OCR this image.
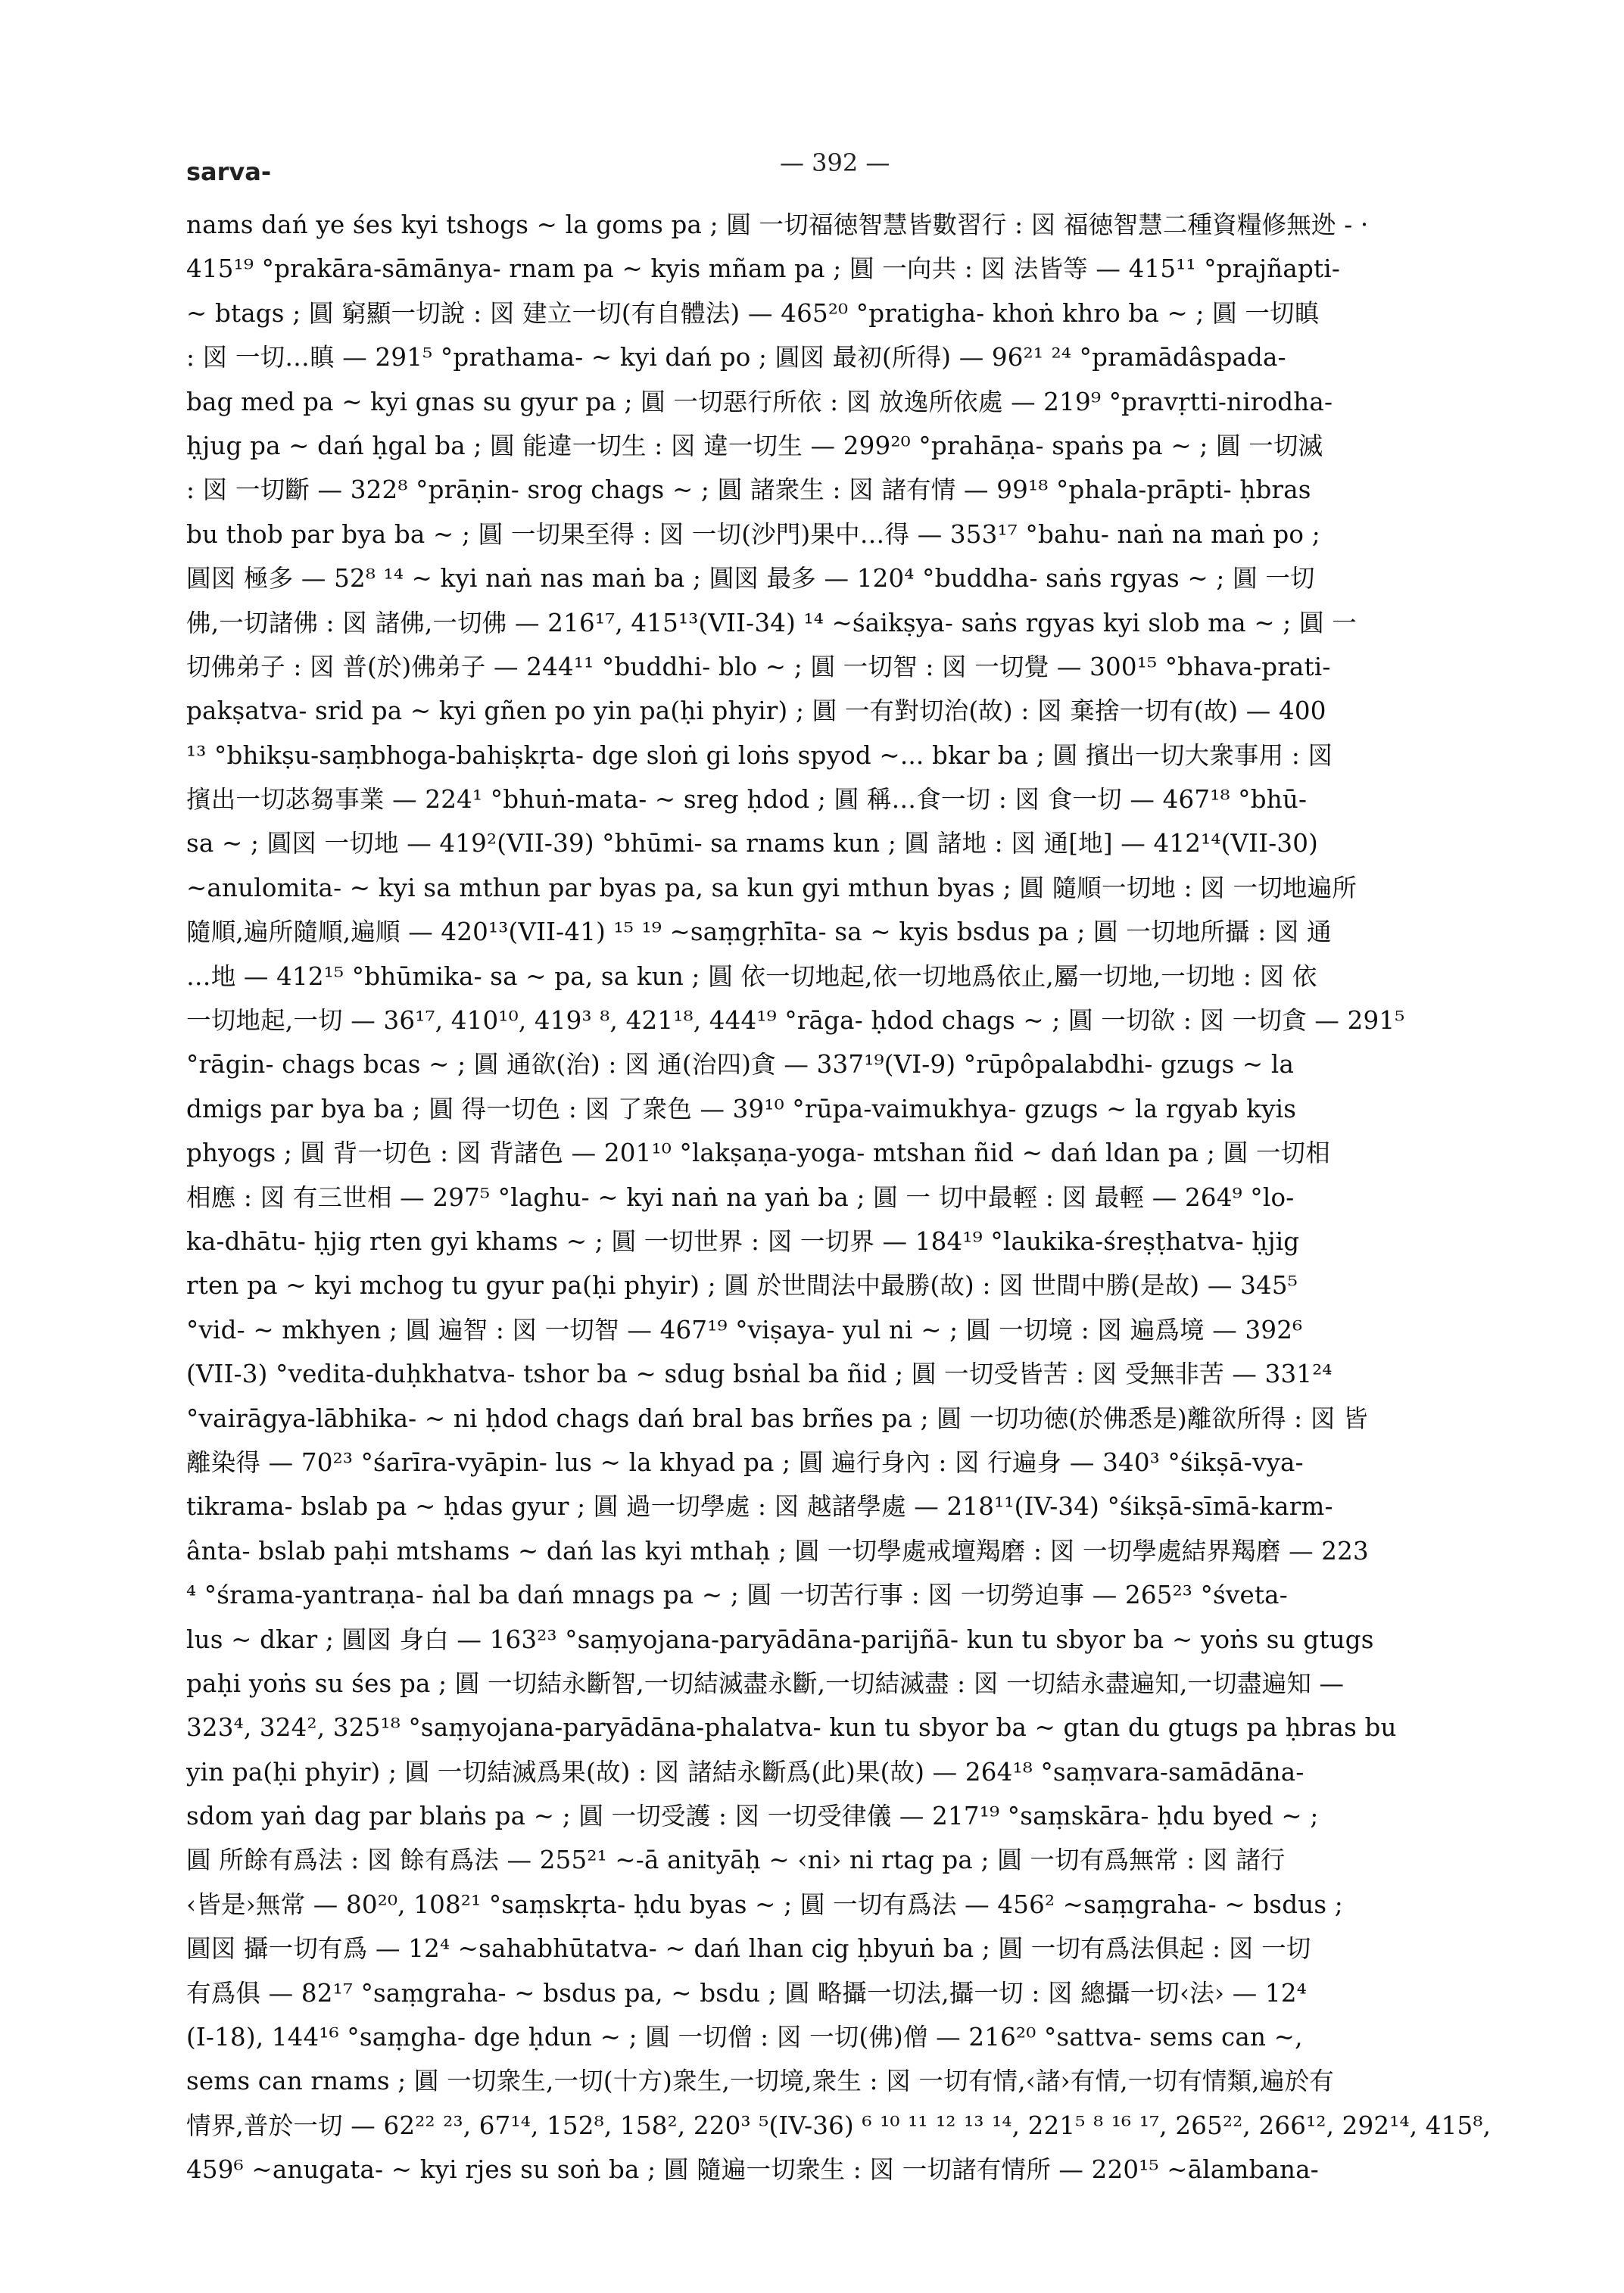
sarva-	— 392 —
nams dań ye śes kyi tshogs ~ la goms pa ; 圓 一切福徳智慧皆數習行 : 図 福徳智慧二種資糧修無迯 - ·
415¹⁹ °prakāra-sāmānya- rnam pa ~ kyis mñam pa ; 圓 一向共 : 図 法皆等 — 415¹¹ °prajñapti-
~ btags ; 圓 窮顯一切說 : 図 建立一切(有自體法) — 465²⁰ °pratigha- khoṅ khro ba ~ ; 圓 一切瞋
: 図 一切…瞋 — 291⁵ °prathama- ~ kyi dań po ; 圓図 最初(所得) — 96²¹ ²⁴ °pramādâspada-
bag med pa ~ kyi gnas su gyur pa ; 圓 一切惡行所依 : 図 放逸所依處 — 219⁹ °pravṛtti-nirodha-
ḥjug pa ~ dań ḥgal ba ; 圓 能違一切生 : 図 違一切生 — 299²⁰ °prahāṇa- spaṅs pa ~ ; 圓 一切滅
: 図 一切斷 — 322⁸ °prāṇin- srog chags ~ ; 圓 諸衆生 : 図 諸有情 — 99¹⁸ °phala-prāpti- ḥbras
bu thob par bya ba ~ ; 圓 一切果至得 : 図 一切(沙門)果中…得 — 353¹⁷ °bahu- naṅ na maṅ po ;
圓図 極多 — 52⁸ ¹⁴ ~ kyi naṅ nas maṅ ba ; 圓図 最多 — 120⁴ °buddha- saṅs rgyas ~ ; 圓 一切
佛,一切諸佛 : 図 諸佛,一切佛 — 216¹⁷, 415¹³(VII-34) ¹⁴ ~śaikṣya- saṅs rgyas kyi slob ma ~ ; 圓 一
切佛弟子 : 図 普(於)佛弟子 — 244¹¹ °buddhi- blo ~ ; 圓 一切智 : 図 一切覺 — 300¹⁵ °bhava-prati-
pakṣatva- srid pa ~ kyi gñen po yin pa(ḥi phyir) ; 圓 一有對切治(故) : 図 棄捨一切有(故) — 400
¹³ °bhikṣu-saṃbhoga-bahiṣkṛta- dge sloṅ gi loṅs spyod ~... bkar ba ; 圓 擯出一切大衆事用 : 図
擯出一切苾芻事業 — 224¹ °bhuṅ-mata- ~ sreg ḥdod ; 圓 稱…食一切 : 図 食一切 — 467¹⁸ °bhū-
sa ~ ; 圓図 一切地 — 419²(VII-39) °bhūmi- sa rnams kun ; 圓 諸地 : 図 通[地] — 412¹⁴(VII-30)
~anulomita- ~ kyi sa mthun par byas pa, sa kun gyi mthun byas ; 圓 隨順一切地 : 図 一切地遍所
隨順,遍所隨順,遍順 — 420¹³(VII-41) ¹⁵ ¹⁹ ~saṃgṛhīta- sa ~ kyis bsdus pa ; 圓 一切地所攝 : 図 通
…地 — 412¹⁵ °bhūmika- sa ~ pa, sa kun ; 圓 依一切地起,依一切地爲依止,屬一切地,一切地 : 図 依
一切地起,一切 — 36¹⁷, 410¹⁰, 419³ ⁸, 421¹⁸, 444¹⁹ °rāga- ḥdod chags ~ ; 圓 一切欲 : 図 一切貪 — 291⁵
°rāgin- chags bcas ~ ; 圓 通欲(治) : 図 通(治四)貪 — 337¹⁹(VI-9) °rūpôpalabdhi- gzugs ~ la
dmigs par bya ba ; 圓 得一切色 : 図 了衆色 — 39¹⁰ °rūpa-vaimukhya- gzugs ~ la rgyab kyis
phyogs ; 圓 背一切色 : 図 背諸色 — 201¹⁰ °lakṣaṇa-yoga- mtshan ñid ~ dań ldan pa ; 圓 一切相
相應 : 図 有三世相 — 297⁵ °laghu- ~ kyi naṅ na yaṅ ba ; 圓 一 切中最輕 : 図 最輕 — 264⁹ °lo-
ka-dhātu- ḥjig rten gyi khams ~ ; 圓 一切世界 : 図 一切界 — 184¹⁹ °laukika-śreṣṭhatva- ḥjig
rten pa ~ kyi mchog tu gyur pa(ḥi phyir) ; 圓 於世間法中最勝(故) : 図 世間中勝(是故) — 345⁵
°vid- ~ mkhyen ; 圓 遍智 : 図 一切智 — 467¹⁹ °viṣaya- yul ni ~ ; 圓 一切境 : 図 遍爲境 — 392⁶
(VII-3) °vedita-duḥkhatva- tshor ba ~ sdug bsṅal ba ñid ; 圓 一切受皆苦 : 図 受無非苦 — 331²⁴
°vairāgya-lābhika- ~ ni ḥdod chags dań bral bas brñes pa ; 圓 一切功徳(於佛悉是)離欲所得 : 図 皆
離染得 — 70²³ °śarīra-vyāpin- lus ~ la khyad pa ; 圓 遍行身內 : 図 行遍身 — 340³ °śikṣā-vya-
tikrama- bslab pa ~ ḥdas gyur ; 圓 過一切學處 : 図 越諸學處 — 218¹¹(IV-34) °śikṣā-sīmā-karm-
ânta- bslab paḥi mtshams ~ dań las kyi mthaḥ ; 圓 一切學處戒壇羯磨 : 図 一切學處結界羯磨 — 223
⁴ °śrama-yantraṇa- ṅal ba dań mnags pa ~ ; 圓 一切苦行事 : 図 一切勞迫事 — 265²³ °śveta-
lus ~ dkar ; 圓図 身白 — 163²³ °saṃyojana-paryādāna-parijñā- kun tu sbyor ba ~ yoṅs su gtugs
paḥi yoṅs su śes pa ; 圓 一切結永斷智,一切結滅盡永斷,一切結滅盡 : 図 一切結永盡遍知,一切盡遍知 —
323⁴, 324², 325¹⁸ °saṃyojana-paryādāna-phalatva- kun tu sbyor ba ~ gtan du gtugs pa ḥbras bu
yin pa(ḥi phyir) ; 圓 一切結滅爲果(故) : 図 諸結永斷爲(此)果(故) — 264¹⁸ °saṃvara-samādāna-
sdom yaṅ dag par blaṅs pa ~ ; 圓 一切受護 : 図 一切受律儀 — 217¹⁹ °saṃskāra- ḥdu byed ~ ;
圓 所餘有爲法 : 図 餘有爲法 — 255²¹ ~-ā anityāḥ ~ ‹ni› ni rtag pa ; 圓 一切有爲無常 : 図 諸行
‹皆是›無常 — 80²⁰, 108²¹ °saṃskṛta- ḥdu byas ~ ; 圓 一切有爲法 — 456² ~saṃgraha- ~ bsdus ;
圓図 攝一切有爲 — 12⁴ ~sahabhūtatva- ~ dań lhan cig ḥbyuṅ ba ; 圓 一切有爲法俱起 : 図 一切
有爲俱 — 82¹⁷ °saṃgraha- ~ bsdus pa, ~ bsdu ; 圓 略攝一切法,攝一切 : 図 總攝一切‹法› — 12⁴
(I-18), 144¹⁶ °saṃgha- dge ḥdun ~ ; 圓 一切僧 : 図 一切(佛)僧 — 216²⁰ °sattva- sems can ~,
sems can rnams ; 圓 一切衆生,一切(十方)衆生,一切境,衆生 : 図 一切有情,‹諸›有情,一切有情類,遍於有
情界,普於一切 — 62²² ²³, 67¹⁴, 152⁸, 158², 220³ ⁵(IV-36) ⁶ ¹⁰ ¹¹ ¹² ¹³ ¹⁴, 221⁵ ⁸ ¹⁶ ¹⁷, 265²², 266¹², 292¹⁴, 415⁸,
459⁶ ~anugata- ~ kyi rjes su soṅ ba ; 圓 隨遍一切衆生 : 図 一切諸有情所 — 220¹⁵ ~ālambana-
